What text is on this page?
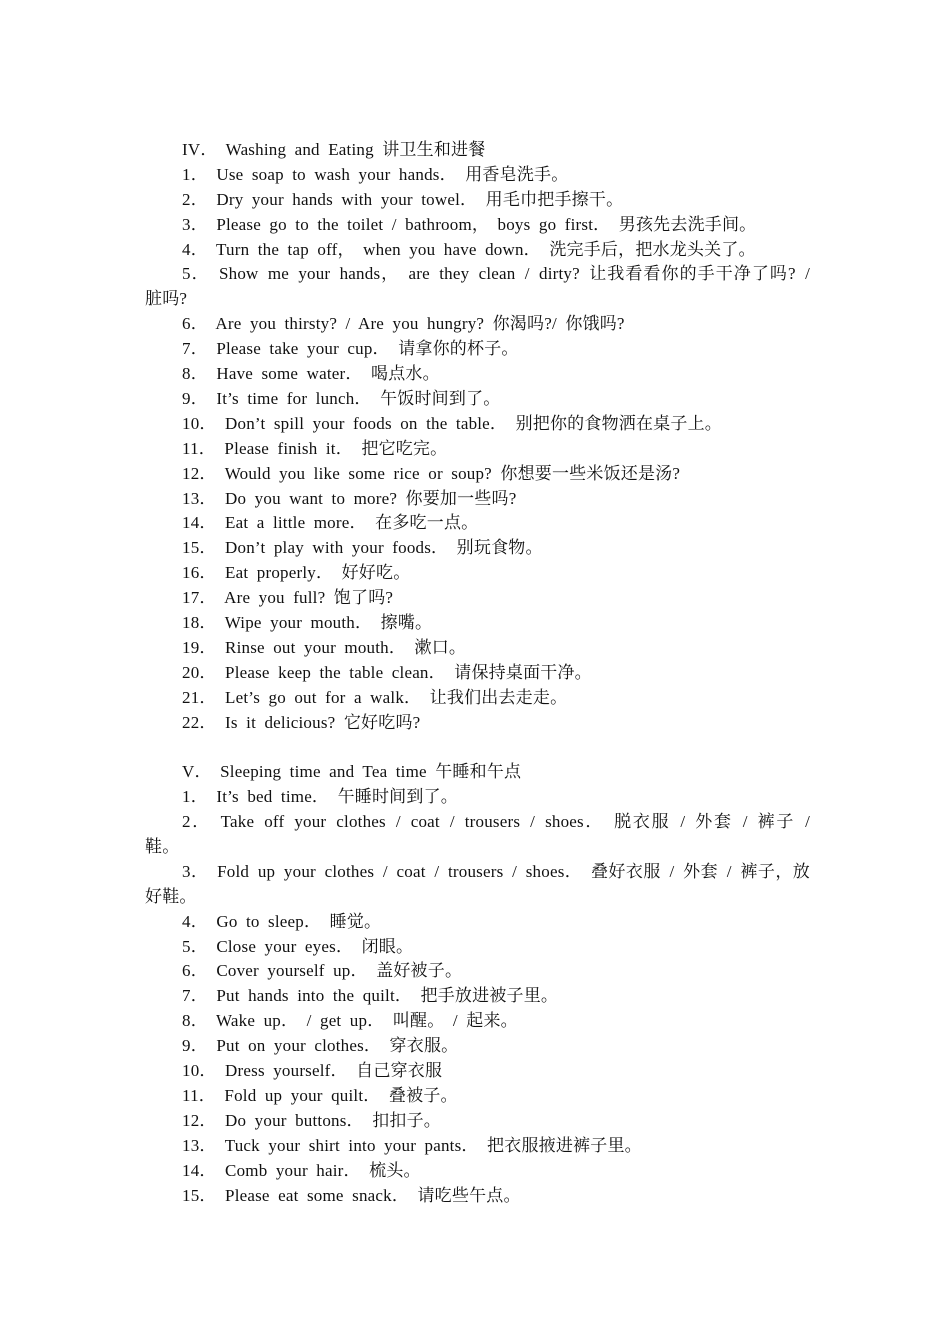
IV． Washing and Eating 讲卫生和进餐

1． Use soap to wash your hands． 用香皂洗手。

2． Dry your hands with your towel． 用毛巾把手擦干。

3． Please go to the toilet / bathroom， boys go first． 男孩先去洗手间。

4． Turn the tap off， when you have down． 洗完手后，把水龙头关了。

5． Show me your hands， are they clean / dirty? 让我看看你的手干净了吗? / 脏吗?

6． Are you thirsty? / Are you hungry? 你渴吗?/ 你饿吗?

7． Please take your cup． 请拿你的杯子。

8． Have some water． 喝点水。

9． It’s time for lunch． 午饭时间到了。

10． Don’t spill your foods on the table． 别把你的食物洒在桌子上。

11． Please finish it． 把它吃完。

12． Would you like some rice or soup? 你想要一些米饭还是汤?

13． Do you want to more? 你要加一些吗?

14． Eat a little more． 在多吃一点。

15． Don’t play with your foods． 别玩食物。

16． Eat properly． 好好吃。

17． Are you full? 饱了吗?

18． Wipe your mouth． 擦嘴。

19． Rinse out your mouth． 漱口。

20． Please keep the table clean． 请保持桌面干净。

21． Let’s go out for a walk． 让我们出去走走。

22． Is it delicious? 它好吃吗?

V． Sleeping time and Tea time 午睡和午点

1． It’s bed time． 午睡时间到了。

2． Take off your clothes / coat / trousers / shoes． 脱衣服 / 外套 / 裤子 / 鞋。

3． Fold up your clothes / coat / trousers / shoes． 叠好衣服 / 外套 / 裤子，放好鞋。

4． Go to sleep． 睡觉。

5． Close your eyes． 闭眼。

6． Cover yourself up． 盖好被子。

7． Put hands into the quilt． 把手放进被子里。

8． Wake up． / get up． 叫醒。 / 起来。

9． Put on your clothes． 穿衣服。

10． Dress yourself． 自己穿衣服

11． Fold up your quilt． 叠被子。

12． Do your buttons． 扣扣子。

13． Tuck your shirt into your pants． 把衣服掖进裤子里。

14． Comb your hair． 梳头。

15． Please eat some snack． 请吃些午点。
